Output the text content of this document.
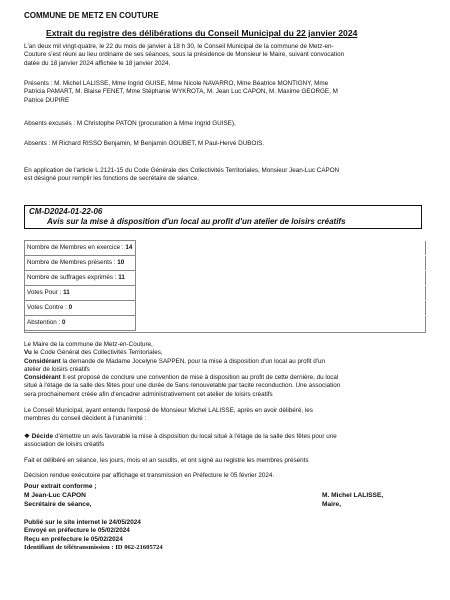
COMMUNE DE METZ EN COUTURE
Extrait du registre des délibérations du Conseil Municipal du 22 janvier 2024
L'an deux mil vingt-quatre, le 22 du mois de janvier à 18 h 30, le Conseil Municipal de la commune de Metz-en-
Couture s'est réuni au lieu ordinaire de ses séances, sous la présidence de Monsieur le Maire, suivant convocation
datée du 18 janvier 2024 affichée le 18 janvier 2024.
Présents : M. Michel LALISSE, Mme Ingrid GUISE, Mme Nicole NAVARRO, Mme Béatrice MONTIGNY, Mme
Patricia PAMART, M. Blaise FENET, Mme Stéphanie WYKROTA, M. Jean Luc CAPON, M. Maxime GEORGE, M
Patrice DUPIRE
Absents excusés : M Christophe PATON (procuration à Mme Ingrid GUISE),
Absents : M Richard RISSO Benjamin, M Benjamin GOUBET, M Paul-Hervé DUBOIS.
En application de l'article L 2121-15 du Code Générale des Collectivités Territoriales, Monsieur Jean-Luc CAPON
est désigné pour remplir les fonctions de secrétaire de séance.
CM-D2024-01-22-06
Avis sur la mise à disposition d'un local au profit d'un atelier de loisirs créatifs
Nombre de Membres en exercice : 14	
Nombre de Membres présents : 10	
Nombre de suffrages exprimés : 11	
Votes Pour : 11	
Votes Contre : 0	
Abstention : 0	
Le Maire de la commune de Metz-en-Couture,
Vu le Code Général des Collectivités Territoriales,
Considérant la demande de Madame Jocelyne SAPPEN, pour la mise à disposition d'un local au profit d'un
atelier de loisirs créatifs
Considérant Il est proposé de conclure une convention de mise à disposition au profit de cette dernière, du local
situé à l'étage de la salle des fêtes pour une durée de 5ans renouvelable par tacite reconduction. Une association
sera prochainement créée afin d'encadrer administrativement cet atelier de loisirs créatifs
Le Conseil Municipal, ayant entendu l'exposé de Monsieur Michel LALISSE, après en avoir délibéré, les
membres du conseil décident à l'unanimité :
❖ Décide d'émettre un avis favorable la mise à disposition du local situé à l'étage de la salle des fêtes pour une
association de loisirs créatifs
Fait et délibéré en séance, les jours, mois et an susdits, et ont signé au registre les membres présents
Décision rendue exécutoire par affichage et transmission en Préfecture le 05 février 2024.
Pour extrait conforme ;
M Jean-Luc CAPON
Secrétaire de séance,
M. Michel LALISSE,
Maire,
Publié sur le site internet le 24/05/2024
Envoyé en préfecture le 05/02/2024
Reçu en préfecture le 05/02/2024
Identifiant de télétransmission : ID 062-21605724
